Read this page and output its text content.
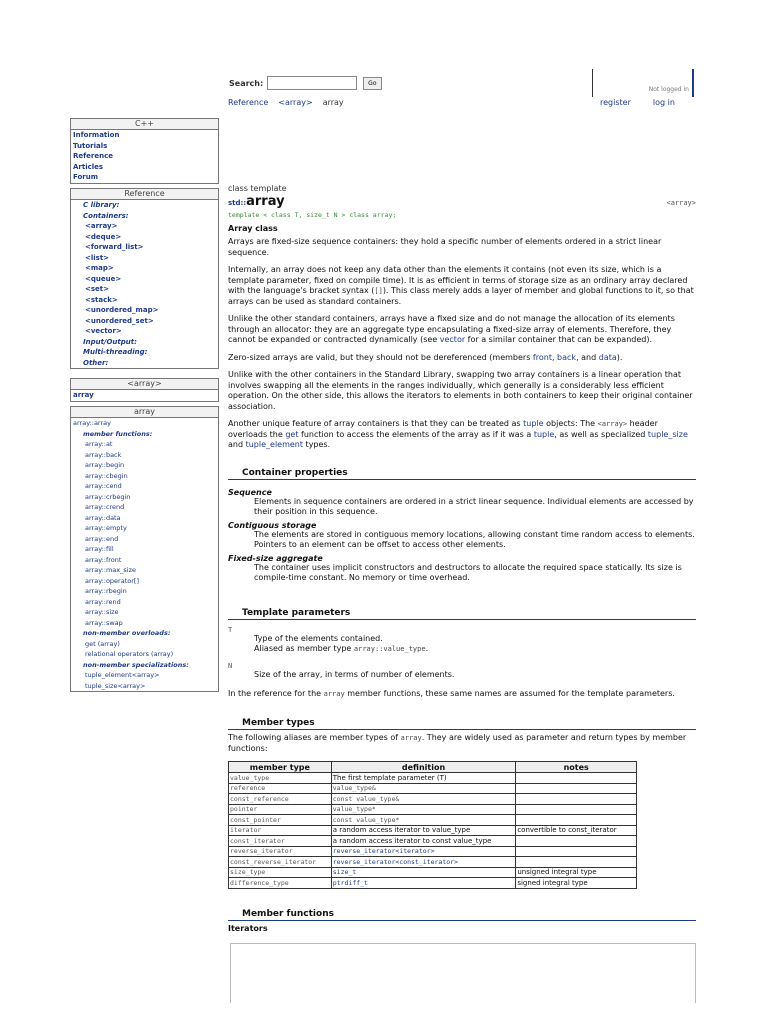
Search:	Go
Not logged in
Reference <array> array	register	log in
C++
Information
Tutorials
Reference
Articles
Forum
Reference
C library:
Containers:
<array>
<deque>
<forward_list>
<list>
<map>
<queue>
<set>
<stack>
<unordered_map>
<unordered_set>
<vector>
Input/Output:
Multi-threading:
Other:
<array>
array
array
array::array
member functions:
array::at
array::back
array::begin
array::cbegin
array::cend
array::crbegin
array::crend
array::data
array::empty
array::end
array::fill
array::front
array::max_size
array::operator[]
array::rbegin
array::rend
array::size
array::swap
non-member overloads:
get (array)
relational operators (array)
non-member specializations:
tuple_element<array>
tuple_size<array>
class template
std::array	<array>
template < class T, size_t N > class array;
Array class

Arrays are fixed-size sequence containers: they hold a specific number of elements ordered in a strict linear sequence.

Internally, an array does not keep any data other than the elements it contains (not even its size, which is a template parameter, fixed on compile time). It is as efficient in terms of storage size as an ordinary array declared with the language's bracket syntax ([]). This class merely adds a layer of member and global functions to it, so that arrays can be used as standard containers.

Unlike the other standard containers, arrays have a fixed size and do not manage the allocation of its elements through an allocator: they are an aggregate type encapsulating a fixed-size array of elements. Therefore, they cannot be expanded or contracted dynamically (see vector for a similar container that can be expanded).

Zero-sized arrays are valid, but they should not be dereferenced (members front, back, and data).

Unlike with the other containers in the Standard Library, swapping two array containers is a linear operation that involves swapping all the elements in the ranges individually, which generally is a considerably less efficient operation. On the other side, this allows the iterators to elements in both containers to keep their original container association.

Another unique feature of array containers is that they can be treated as tuple objects: The <array> header overloads the get function to access the elements of the array as if it was a tuple, as well as specialized tuple_size and tuple_element types.

Container properties
Sequence
Elements in sequence containers are ordered in a strict linear sequence. Individual elements are accessed by their position in this sequence.
Contiguous storage
The elements are stored in contiguous memory locations, allowing constant time random access to elements.
Pointers to an element can be offset to access other elements.
Fixed-size aggregate
The container uses implicit constructors and destructors to allocate the required space statically. Its size is compile-time constant. No memory or time overhead.
Template parameters
T
Type of the elements contained.
Aliased as member type array::value_type.
N
Size of the array, in terms of number of elements.

In the reference for the array member functions, these same names are assumed for the template parameters.

Member types

The following aliases are member types of array. They are widely used as parameter and return types by member functions:

member type	definition	notes
value_type	The first template parameter (T)	
reference	value_type&	
const_reference	const value_type&	
pointer	value_type*	
const_pointer	const value_type*	
iterator	a random access iterator to value_type	convertible to const_iterator
const_iterator	a random access iterator to const value_type	
reverse_iterator	reverse_iterator<iterator>	
const_reverse_iterator	reverse_iterator<const_iterator>	
size_type	size_t	unsigned integral type
difference_type	ptrdiff_t	signed integral type
Member functions
Iterators
